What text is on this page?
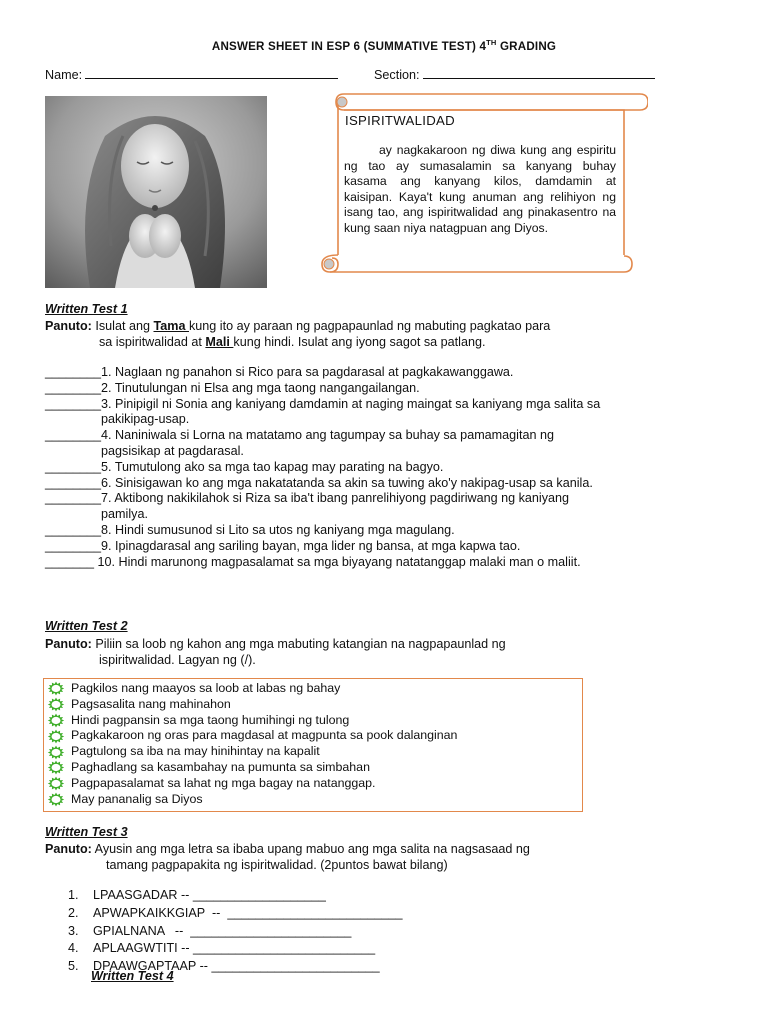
ANSWER SHEET IN ESP 6 (SUMMATIVE TEST) 4TH GRADING
Name:	Section:
ISPIRITWALIDAD
ay nagkakaroon ng diwa kung ang espiritu ng tao ay sumasalamin sa kanyang buhay kasama ang kanyang kilos, damdamin at kaisipan. Kaya't kung anuman ang relihiyon ng isang tao, ang ispiritwalidad ang pinakasentro na kung saan niya natagpuan ang Diyos.
Written Test 1
Panuto: Isulat ang Tama kung ito ay paraan ng pagpapaunlad ng mabuting pagkatao para
sa ispiritwalidad at Mali kung hindi. Isulat ang iyong sagot sa patlang.
________ 1. Naglaan ng panahon si Rico para sa pagdarasal at pagkakawanggawa.
________ 2. Tinutulungan ni Elsa ang mga taong nangangailangan.
________ 3. Pinipigil ni Sonia ang kaniyang damdamin at naging maingat sa kaniyang mga salita sa pakikipag-usap.
________ 4. Naniniwala si Lorna na matatamo ang tagumpay sa buhay sa pamamagitan ng pagsisikap at pagdarasal.
________ 5. Tumutulong ako sa mga tao kapag may parating na bagyo.
________ 6. Sinisigawan ko ang mga nakatatanda sa akin sa tuwing ako'y nakipag-usap sa kanila.
________ 7. Aktibong nakikilahok si Riza sa iba't ibang panrelihiyong pagdiriwang ng kaniyang pamilya.
________ 8. Hindi sumusunod si Lito sa utos ng kaniyang mga magulang.
________ 9. Ipinagdarasal ang sariling bayan, mga lider ng bansa, at mga kapwa tao.
_______ 10. Hindi marunong magpasalamat sa mga biyayang natatanggap malaki man o maliit.
Written Test 2
Panuto: Piliin sa loob ng kahon ang mga mabuting katangian na nagpapaunlad ng
ispiritwalidad. Lagyan ng (/).
Pagkilos nang maayos sa loob at labas ng bahay
Pagsasalita nang mahinahon
Hindi pagpansin sa mga taong humihingi ng tulong
Pagkakaroon ng oras para magdasal at magpunta sa pook dalanginan
Pagtulong sa iba na may hinihintay na kapalit
Paghadlang sa kasambahay na pumunta sa simbahan
Pagpapasalamat sa lahat ng mga bagay na natanggap.
May pananalig sa Diyos
Written Test 3
Panuto: Ayusin ang mga letra sa ibaba upang mabuo ang mga salita na nagsasaad ng
tamang pagpapakita ng ispiritwalidad. (2puntos bawat bilang)
1.	LPAASGADAR -- ___________________
2.	APWAPKAIKKGIAP  --  _________________________
3.	GPIALNANA   --  _______________________
4.	APLAAGWTITI -- __________________________
5.	DPAAWGAPTAAP -- ________________________
Written Test 4
